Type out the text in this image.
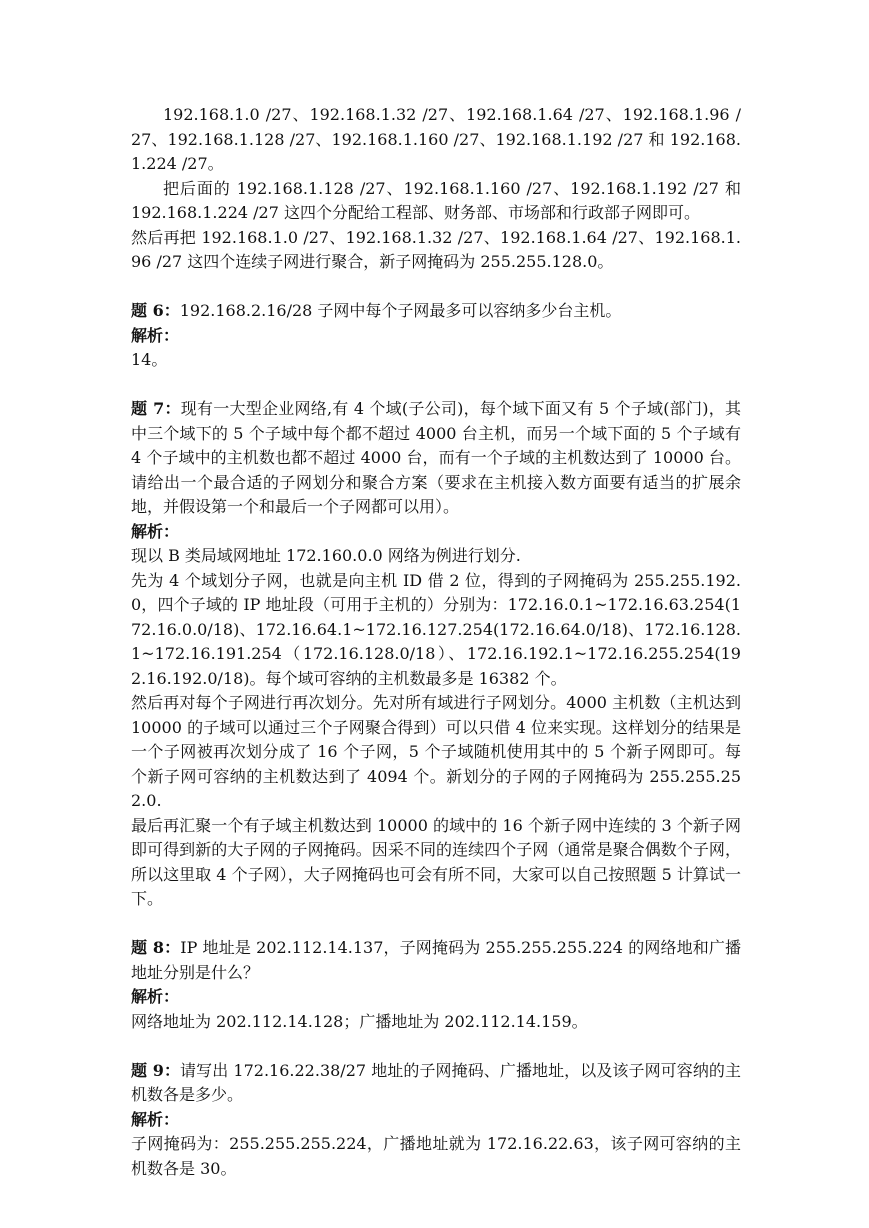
192.168.1.0 /27、192.168.1.32 /27、192.168.1.64 /27、192.168.1.96 /27、192.168.1.128 /27、192.168.1.160 /27、192.168.1.192 /27 和 192.168.1.224 /27。

把后面的 192.168.1.128 /27、192.168.1.160 /27、192.168.1.192 /27 和 192.168.1.224 /27 这四个分配给工程部、财务部、市场部和行政部子网即可。

然后再把 192.168.1.0 /27、192.168.1.32 /27、192.168.1.64 /27、192.168.1.96 /27 这四个连续子网进行聚合，新子网掩码为 255.255.128.0。

题 6：192.168.2.16/28 子网中每个子网最多可以容纳多少台主机。

解析：

14。

题 7：现有一大型企业网络,有 4 个域(子公司)，每个域下面又有 5 个子域(部门)，其中三个域下的 5 个子域中每个都不超过 4000 台主机，而另一个域下面的 5 个子域有 4 个子域中的主机数也都不超过 4000 台，而有一个子域的主机数达到了 10000 台。请给出一个最合适的子网划分和聚合方案（要求在主机接入数方面要有适当的扩展余地，并假设第一个和最后一个子网都可以用）。

解析：

现以 B 类局域网地址 172.160.0.0 网络为例进行划分.

先为 4 个域划分子网，也就是向主机 ID 借 2 位，得到的子网掩码为 255.255.192.0，四个子域的 IP 地址段（可用于主机的）分别为：172.16.0.1~172.16.63.254(172.16.0.0/18)、172.16.64.1~172.16.127.254(172.16.64.0/18)、172.16.128.1~172.16.191.254（172.16.128.0/18）、172.16.192.1~172.16.255.254(192.16.192.0/18)。每个域可容纳的主机数最多是 16382 个。

然后再对每个子网进行再次划分。先对所有域进行子网划分。4000 主机数（主机达到 10000 的子域可以通过三个子网聚合得到）可以只借 4 位来实现。这样划分的结果是一个子网被再次划分成了 16 个子网，5 个子域随机使用其中的 5 个新子网即可。每个新子网可容纳的主机数达到了 4094 个。新划分的子网的子网掩码为 255.255.252.0.

最后再汇聚一个有子域主机数达到 10000 的域中的 16 个新子网中连续的 3 个新子网即可得到新的大子网的子网掩码。因采不同的连续四个子网（通常是聚合偶数个子网，所以这里取 4 个子网），大子网掩码也可会有所不同，大家可以自己按照题 5 计算试一下。

题 8：IP 地址是 202.112.14.137，子网掩码为 255.255.255.224 的网络地和广播地址分别是什么？

解析：

网络地址为 202.112.14.128；广播地址为 202.112.14.159。

题 9：请写出 172.16.22.38/27 地址的子网掩码、广播地址，以及该子网可容纳的主机数各是多少。

解析：

子网掩码为：255.255.255.224，广播地址就为 172.16.22.63，该子网可容纳的主机数各是 30。
